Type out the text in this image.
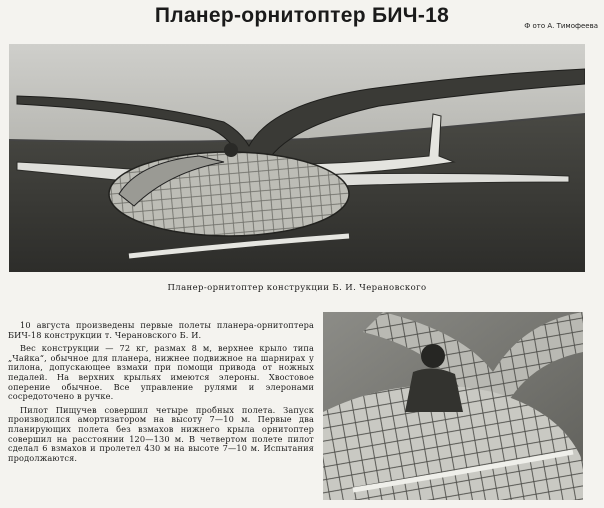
Планер-орнитоптер БИЧ-18	Ф ото А. Тимофеева
Планер-орнитоптер конструкции Б. И. Черановского

10 августа произведены первые полеты планера-орнитоптера БИЧ-18 конструкции т. Черановского Б. И.

Вес конструкции — 72 кг, размах 8 м, верхнее крыло типа „Чайка“, обычное для планера, нижнее подвижное на шарнирах у пилона, допускающее взмахи при помощи привода от ножных педалей. На верхних крыльях имеются элероны. Хвостовое оперение обычное. Все управление рулями и элеронами сосредоточено в ручке.

Пилот Пищучев совершил четыре пробных полета. Запуск производился амортизатором на высоту 7—10 м. Первые два планирующих полета без взмахов нижнего крыла орнитоптер совершил на расстоянии 120—130 м. В четвертом полете пилот сделал 6 взмахов и пролетел 430 м на высоте 7—10 м. Испытания продолжаются.
